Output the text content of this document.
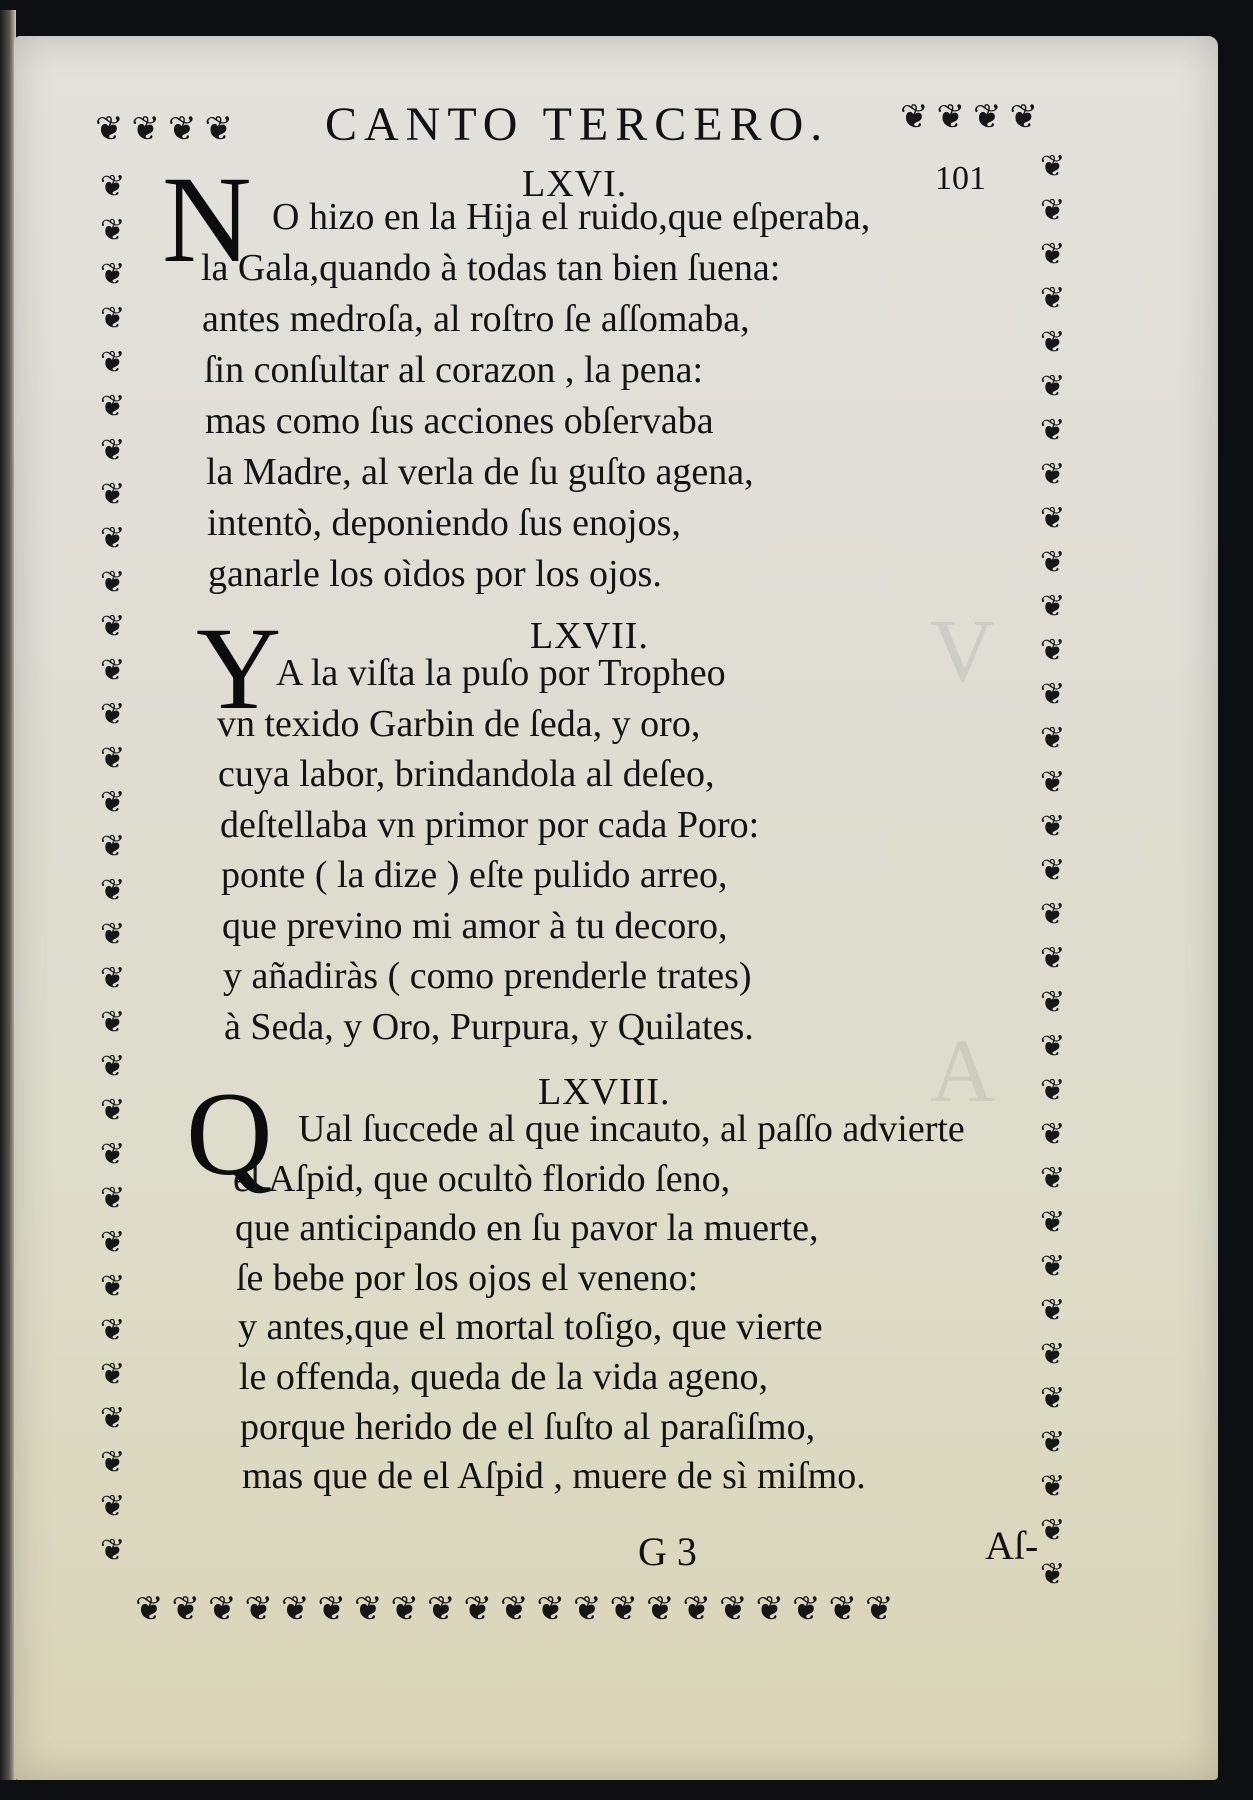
V
A
❦ ❦ ❦ ❦	❦ ❦ ❦ ❦
❦ ❦ ❦ ❦ ❦ ❦ ❦ ❦ ❦ ❦ ❦ ❦ ❦ ❦ ❦ ❦ ❦ ❦ ❦ ❦ ❦
❦
❦
❦
❦
❦
❦
❦
❦
❦
❦
❦
❦
❦
❦
❦
❦
❦
❦
❦
❦
❦
❦
❦
❦
❦
❦
❦
❦
❦
❦
❦
❦
❦
❦
❦
❦
❦
❦
❦
❦
❦
❦
❦
❦
❦
❦
❦
❦
❦
❦
❦
❦
❦
❦
❦
❦
❦
❦
❦
❦
❦
❦
❦
❦
❦
CANTO TERCERO.
101
LXVI.
N O hizo en la Hija el ruido,que eſperaba,
la Gala,quando à todas tan bien ſuena:
antes medroſa, al roſtro ſe aſſomaba,
ſin conſultar al corazon , la pena:
mas como ſus acciones obſervaba
la Madre, al verla de ſu guſto agena,
intentò, deponiendo ſus enojos,
ganarle los oìdos por los ojos.
LXVII.
Y
A la viſta la puſo por Tropheo
vn texido Garbin de ſeda, y oro,
cuya labor, brindandola al deſeo,
deſtellaba vn primor por cada Poro:
ponte ( la dize ) eſte pulido arreo,
que previno mi amor à tu decoro,
y añadiràs ( como prenderle trates)
à Seda, y Oro, Purpura, y Quilates.
LXVIII.
Q Ual ſuccede al que incauto, al paſſo advierte
el Aſpid, que ocultò florido ſeno,
que anticipando en ſu pavor la muerte,
ſe bebe por los ojos el veneno:
y antes,que el mortal toſigo, que vierte
le offenda, queda de la vida ageno,
porque herido de el ſuſto al paraſiſmo,
mas que de el Aſpid , muere de sì miſmo.
G 3	Aſ-
